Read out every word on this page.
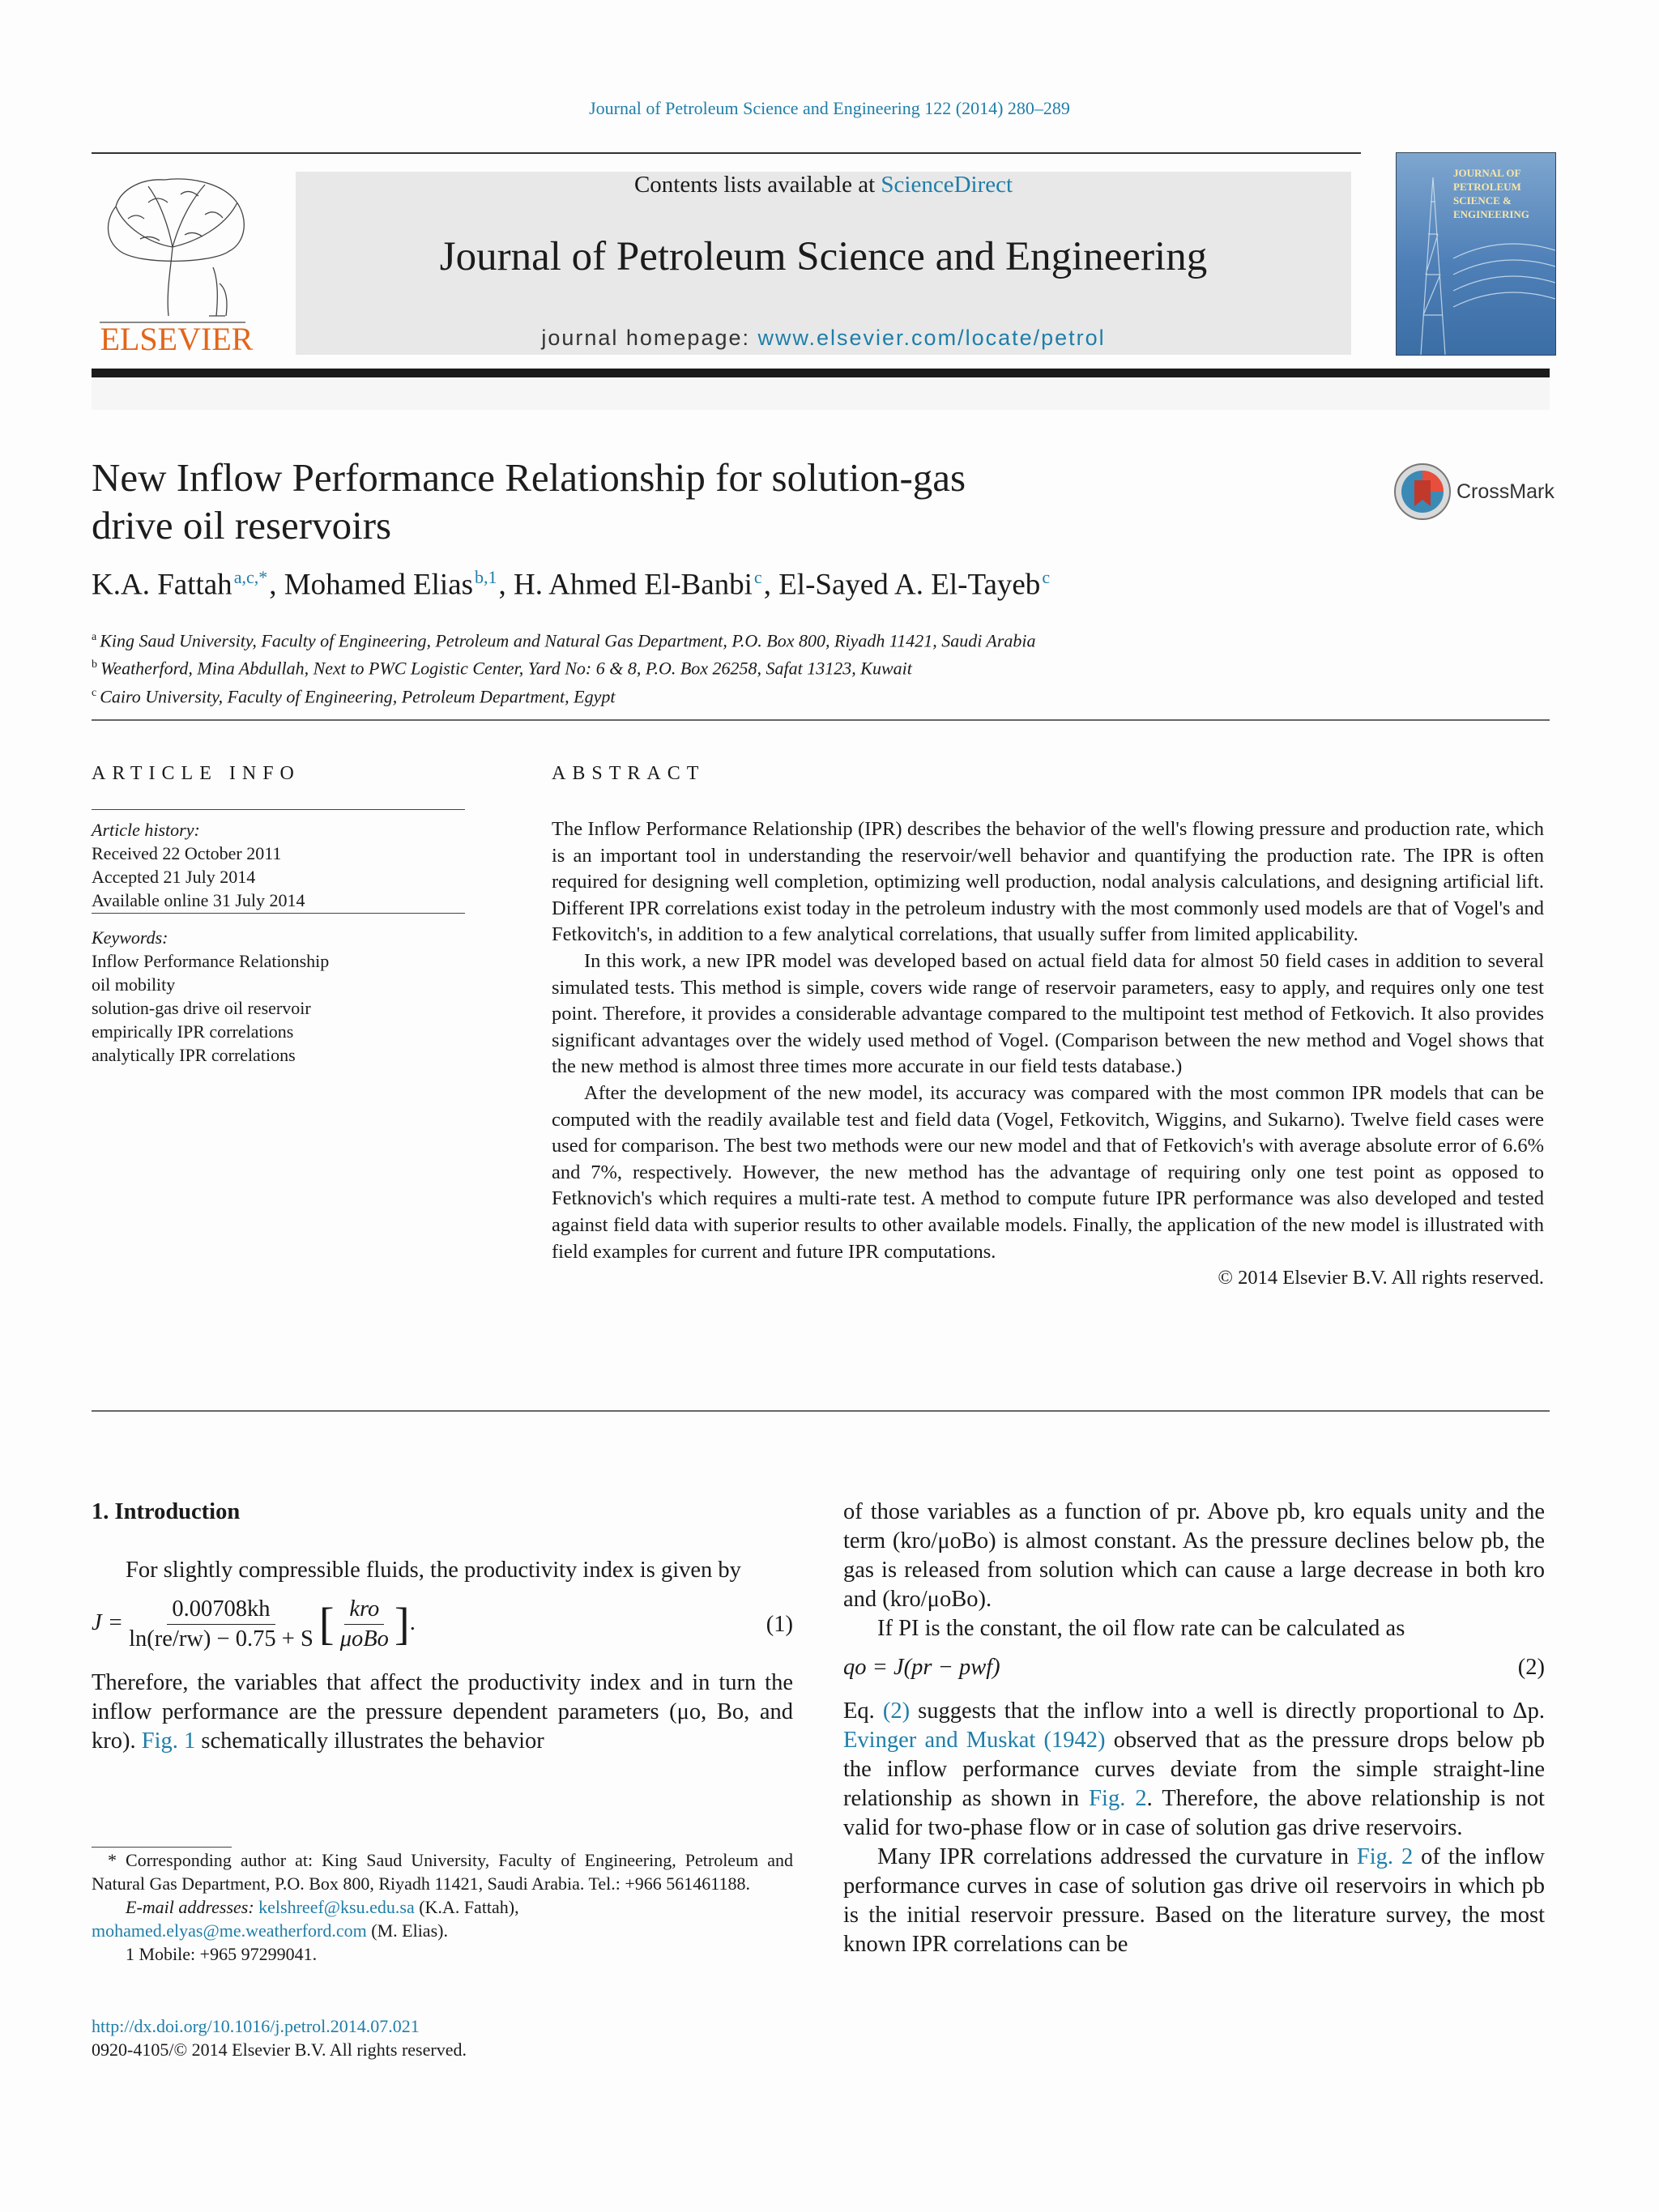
Journal of Petroleum Science and Engineering 122 (2014) 280–289
ELSEVIER
Contents lists available at ScienceDirect
Journal of Petroleum Science and Engineering
journal homepage: www.elsevier.com/locate/petrol
JOURNAL OF PETROLEUM SCIENCE & ENGINEERING
New Inflow Performance Relationship for solution-gas
drive oil reservoirs
CrossMark
K.A. Fattah$^{a,c,*}$, Mohamed Elias$^{b,1}$, H. Ahmed El-Banbi$^c$, El-Sayed A. El-Tayeb$^c$
$^a$ King Saud University, Faculty of Engineering, Petroleum and Natural Gas Department, P.O. Box 800, Riyadh 11421, Saudi Arabia
$^b$ Weatherford, Mina Abdullah, Next to PWC Logistic Center, Yard No: 6 & 8, P.O. Box 26258, Safat 13123, Kuwait
$^c$ Cairo University, Faculty of Engineering, Petroleum Department, Egypt
ARTICLE INFO
Article history:
Received 22 October 2011
Accepted 21 July 2014
Available online 31 July 2014
Keywords:
Inflow Performance Relationship
oil mobility
solution-gas drive oil reservoir
empirically IPR correlations
analytically IPR correlations
ABSTRACT

The Inflow Performance Relationship (IPR) describes the behavior of the well's flowing pressure and production rate, which is an important tool in understanding the reservoir/well behavior and quantifying the production rate. The IPR is often required for designing well completion, optimizing well production, nodal analysis calculations, and designing artificial lift. Different IPR correlations exist today in the petroleum industry with the most commonly used models are that of Vogel's and Fetkovitch's, in addition to a few analytical correlations, that usually suffer from limited applicability.

In this work, a new IPR model was developed based on actual field data for almost 50 field cases in addition to several simulated tests. This method is simple, covers wide range of reservoir parameters, easy to apply, and requires only one test point. Therefore, it provides a considerable advantage compared to the multipoint test method of Fetkovich. It also provides significant advantages over the widely used method of Vogel. (Comparison between the new method and Vogel shows that the new method is almost three times more accurate in our field tests database.)

After the development of the new model, its accuracy was compared with the most common IPR models that can be computed with the readily available test and field data (Vogel, Fetkovitch, Wiggins, and Sukarno). Twelve field cases were used for comparison. The best two methods were our new model and that of Fetkovich's with average absolute error of 6.6% and 7%, respectively. However, the new method has the advantage of requiring only one test point as opposed to Fetknovich's which requires a multi-rate test. A method to compute future IPR performance was also developed and tested against field data with superior results to other available models. Finally, the application of the new model is illustrated with field examples for current and future IPR computations.

© 2014 Elsevier B.V. All rights reserved.

1. Introduction

For slightly compressible fluids, the productivity index is given by

$J = \frac{0.00708kh}{\ln(re/rw) - 0.75 + S}$ [ $\frac{\text{kro}}{\text{μoBo}}$ ].	(1)

Therefore, the variables that affect the productivity index and in turn the inflow performance are the pressure dependent parameters (μo, Bo, and kro). Fig. 1 schematically illustrates the behavior

of those variables as a function of pr. Above pb, kro equals unity and the term (kro/μoBo) is almost constant. As the pressure declines below pb, the gas is released from solution which can cause a large decrease in both kro and (kro/μoBo).

If PI is the constant, the oil flow rate can be calculated as

qo = J(pr − pwf)	(2)

Eq. (2) suggests that the inflow into a well is directly proportional to Δp. Evinger and Muskat (1942) observed that as the pressure drops below pb the inflow performance curves deviate from the simple straight-line relationship as shown in Fig. 2. Therefore, the above relationship is not valid for two-phase flow or in case of solution gas drive reservoirs.

Many IPR correlations addressed the curvature in Fig. 2 of the inflow performance curves in case of solution gas drive oil reservoirs in which pb is the initial reservoir pressure. Based on the literature survey, the most known IPR correlations can be

* Corresponding author at: King Saud University, Faculty of Engineering, Petroleum and Natural Gas Department, P.O. Box 800, Riyadh 11421, Saudi Arabia. Tel.: +966 561461188.

E-mail addresses: kelshreef@ksu.edu.sa (K.A. Fattah),

mohamed.elyas@me.weatherford.com (M. Elias).

1 Mobile: +965 97299041.

http://dx.doi.org/10.1016/j.petrol.2014.07.021
0920-4105/© 2014 Elsevier B.V. All rights reserved.
